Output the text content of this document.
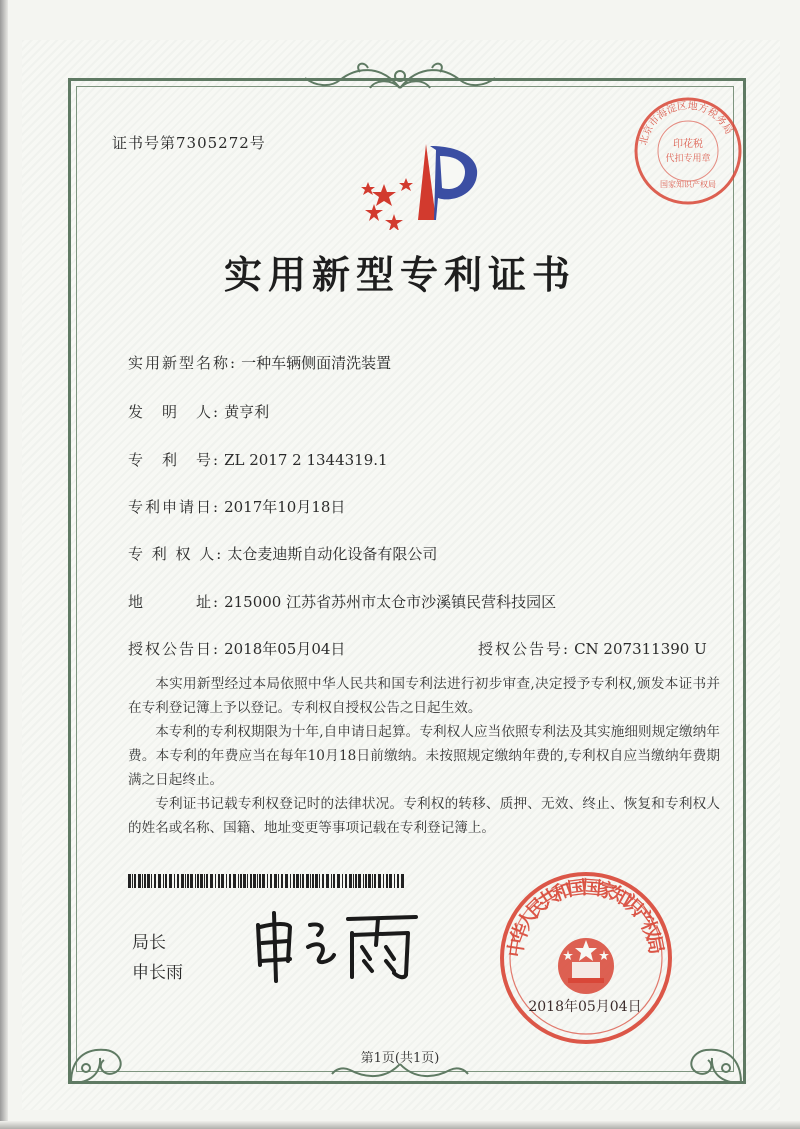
证书号第7305272号	北京市海淀区地方税务局
印花税
代扣专用章
国家知识产权局
实用新型专利证书
实用新型名称: 一种车辆侧面清洗装置
发　明　人: 黄亨利
专　利　号: ZL 2017 2 1344319.1
专利申请日: 2017年10月18日
专 利 权 人: 太仓麦迪斯自动化设备有限公司
地　　　址: 215000 江苏省苏州市太仓市沙溪镇民营科技园区
授权公告日: 2018年05月04日	授权公告号: CN 207311390 U

本实用新型经过本局依照中华人民共和国专利法进行初步审查,决定授予专利权,颁发本证书并在专利登记簿上予以登记。专利权自授权公告之日起生效。

本专利的专利权期限为十年,自申请日起算。专利权人应当依照专利法及其实施细则规定缴纳年费。本专利的年费应当在每年10月18日前缴纳。未按照规定缴纳年费的,专利权自应当缴纳年费期满之日起终止。

专利证书记载专利权登记时的法律状况。专利权的转移、质押、无效、终止、恢复和专利权人的姓名或名称、国籍、地址变更等事项记载在专利登记簿上。

局长
申长雨
中华人民共和国国家知识产权局
2018年05月04日
第1页(共1页)
